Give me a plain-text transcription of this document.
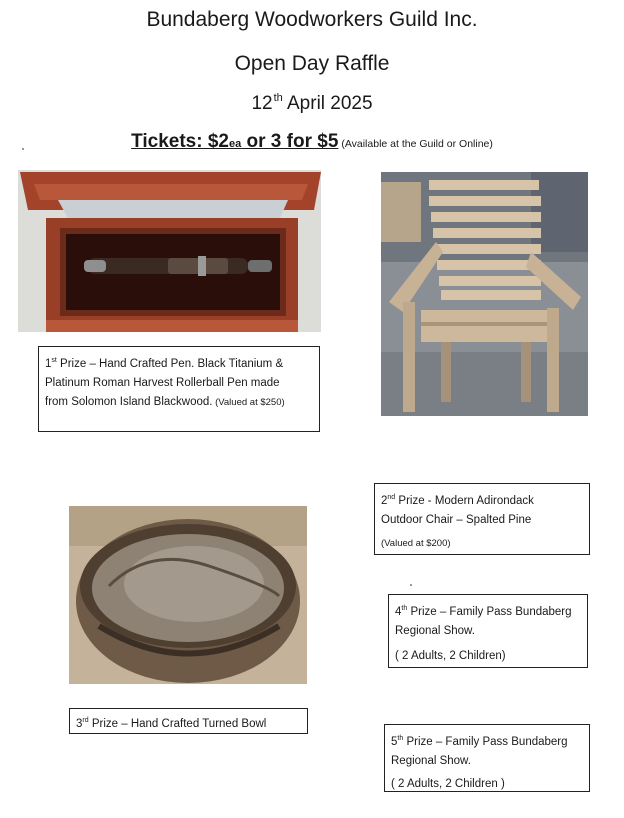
Bundaberg Woodworkers Guild Inc.
Open Day Raffle
12th April 2025
Tickets: $2ea or 3 for $5 (Available at the Guild or Online)
1st Prize – Hand Crafted Pen. Black Titanium &
Platinum Roman Harvest Rollerball Pen made
from Solomon Island Blackwood. (Valued at $250)
2nd Prize - Modern Adirondack
Outdoor Chair – Spalted Pine
(Valued at $200)
4th Prize – Family Pass Bundaberg
Regional Show.
( 2 Adults, 2 Children)
3rd Prize – Hand Crafted Turned Bowl
5th Prize – Family Pass Bundaberg
Regional Show.
( 2 Adults, 2 Children )
